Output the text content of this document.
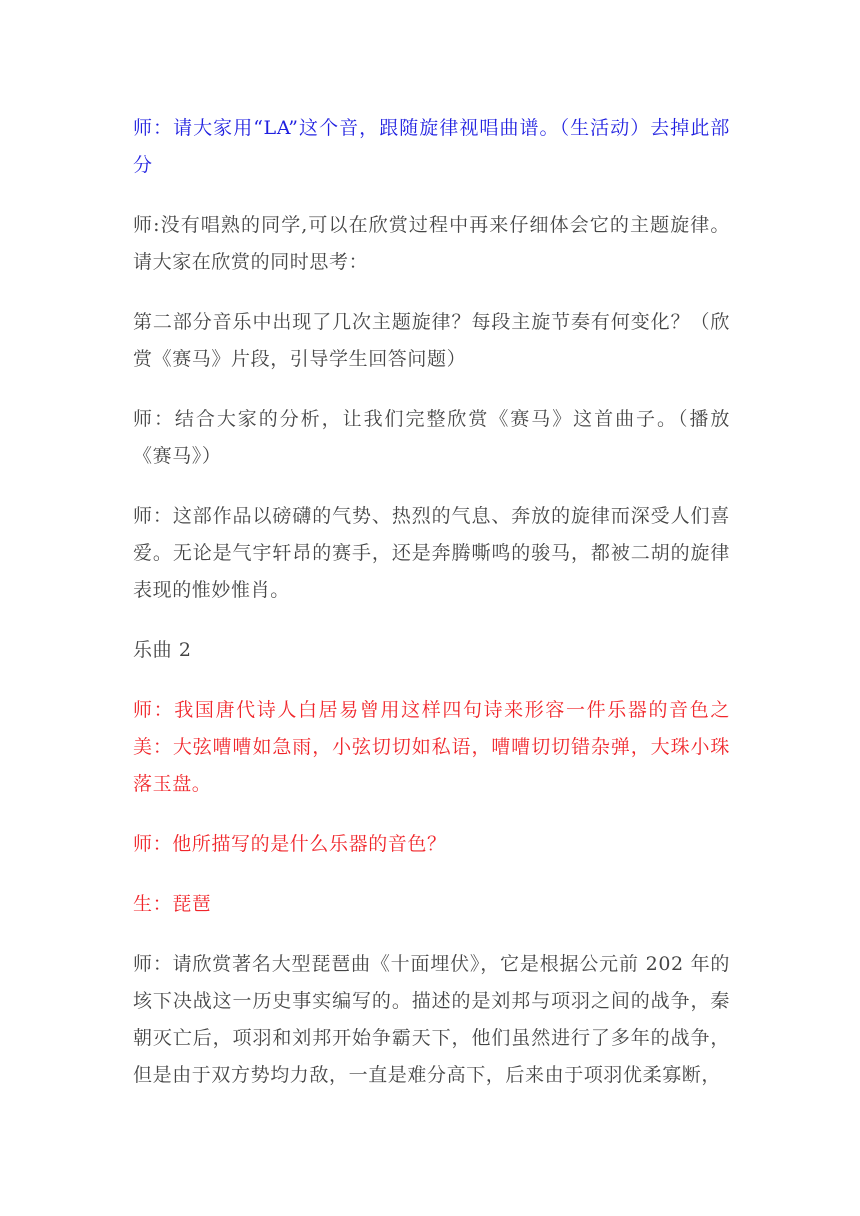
师：请大家用“LA”这个音，跟随旋律视唱曲谱。（生活动）去掉此部分

师:没有唱熟的同学,可以在欣赏过程中再来仔细体会它的主题旋律。请大家在欣赏的同时思考：

第二部分音乐中出现了几次主题旋律？每段主旋节奏有何变化？（欣赏《赛马》片段，引导学生回答问题）

师：结合大家的分析，让我们完整欣赏《赛马》这首曲子。（播放《赛马》）

师：这部作品以磅礴的气势、热烈的气息、奔放的旋律而深受人们喜爱。无论是气宇轩昂的赛手，还是奔腾嘶鸣的骏马，都被二胡的旋律表现的惟妙惟肖。

乐曲 2

师：我国唐代诗人白居易曾用这样四句诗来形容一件乐器的音色之美：大弦嘈嘈如急雨，小弦切切如私语，嘈嘈切切错杂弹，大珠小珠落玉盘。

师：他所描写的是什么乐器的音色？

生：琵琶

师：请欣赏著名大型琵琶曲《十面埋伏》，它是根据公元前 202 年的垓下决战这一历史事实编写的。描述的是刘邦与项羽之间的战争，秦朝灭亡后，项羽和刘邦开始争霸天下，他们虽然进行了多年的战争，但是由于双方势均力敌，一直是难分高下，后来由于项羽优柔寡断，
